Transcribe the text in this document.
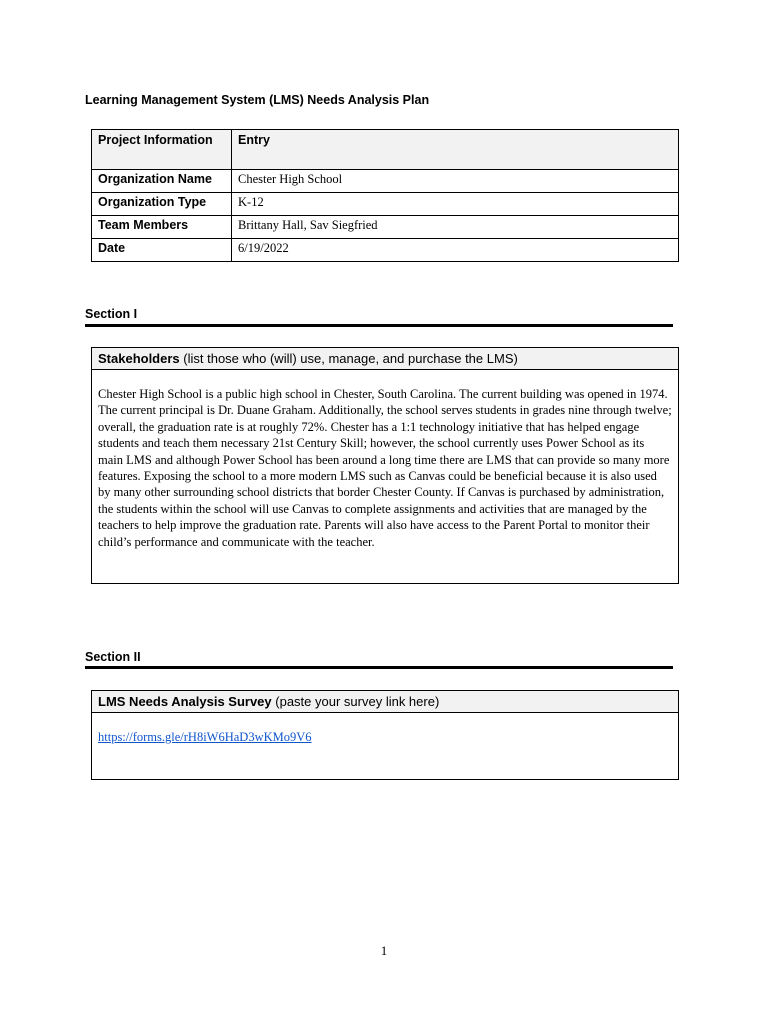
Learning Management System (LMS) Needs Analysis Plan
Project Information	Entry
Organization Name	Chester High School
Organization Type	K-12
Team Members	Brittany Hall, Sav Siegfried
Date	6/19/2022
Section I
Stakeholders (list those who (will) use, manage, and purchase the LMS)
Chester High School is a public high school in Chester, South Carolina. The current building was opened in 1974. The current principal is Dr. Duane Graham. Additionally, the school serves students in grades nine through twelve; overall, the graduation rate is at roughly 72%. Chester has a 1:1 technology initiative that has helped engage students and teach them necessary 21st Century Skill; however, the school currently uses Power School as its main LMS and although Power School has been around a long time there are LMS that can provide so many more features. Exposing the school to a more modern LMS such as Canvas could be beneficial because it is also used by many other surrounding school districts that border Chester County. If Canvas is purchased by administration, the students within the school will use Canvas to complete assignments and activities that are managed by the teachers to help improve the graduation rate. Parents will also have access to the Parent Portal to monitor their child’s performance and communicate with the teacher.
Section II
LMS Needs Analysis Survey (paste your survey link here)
https://forms.gle/rH8iW6HaD3wKMo9V6
1
